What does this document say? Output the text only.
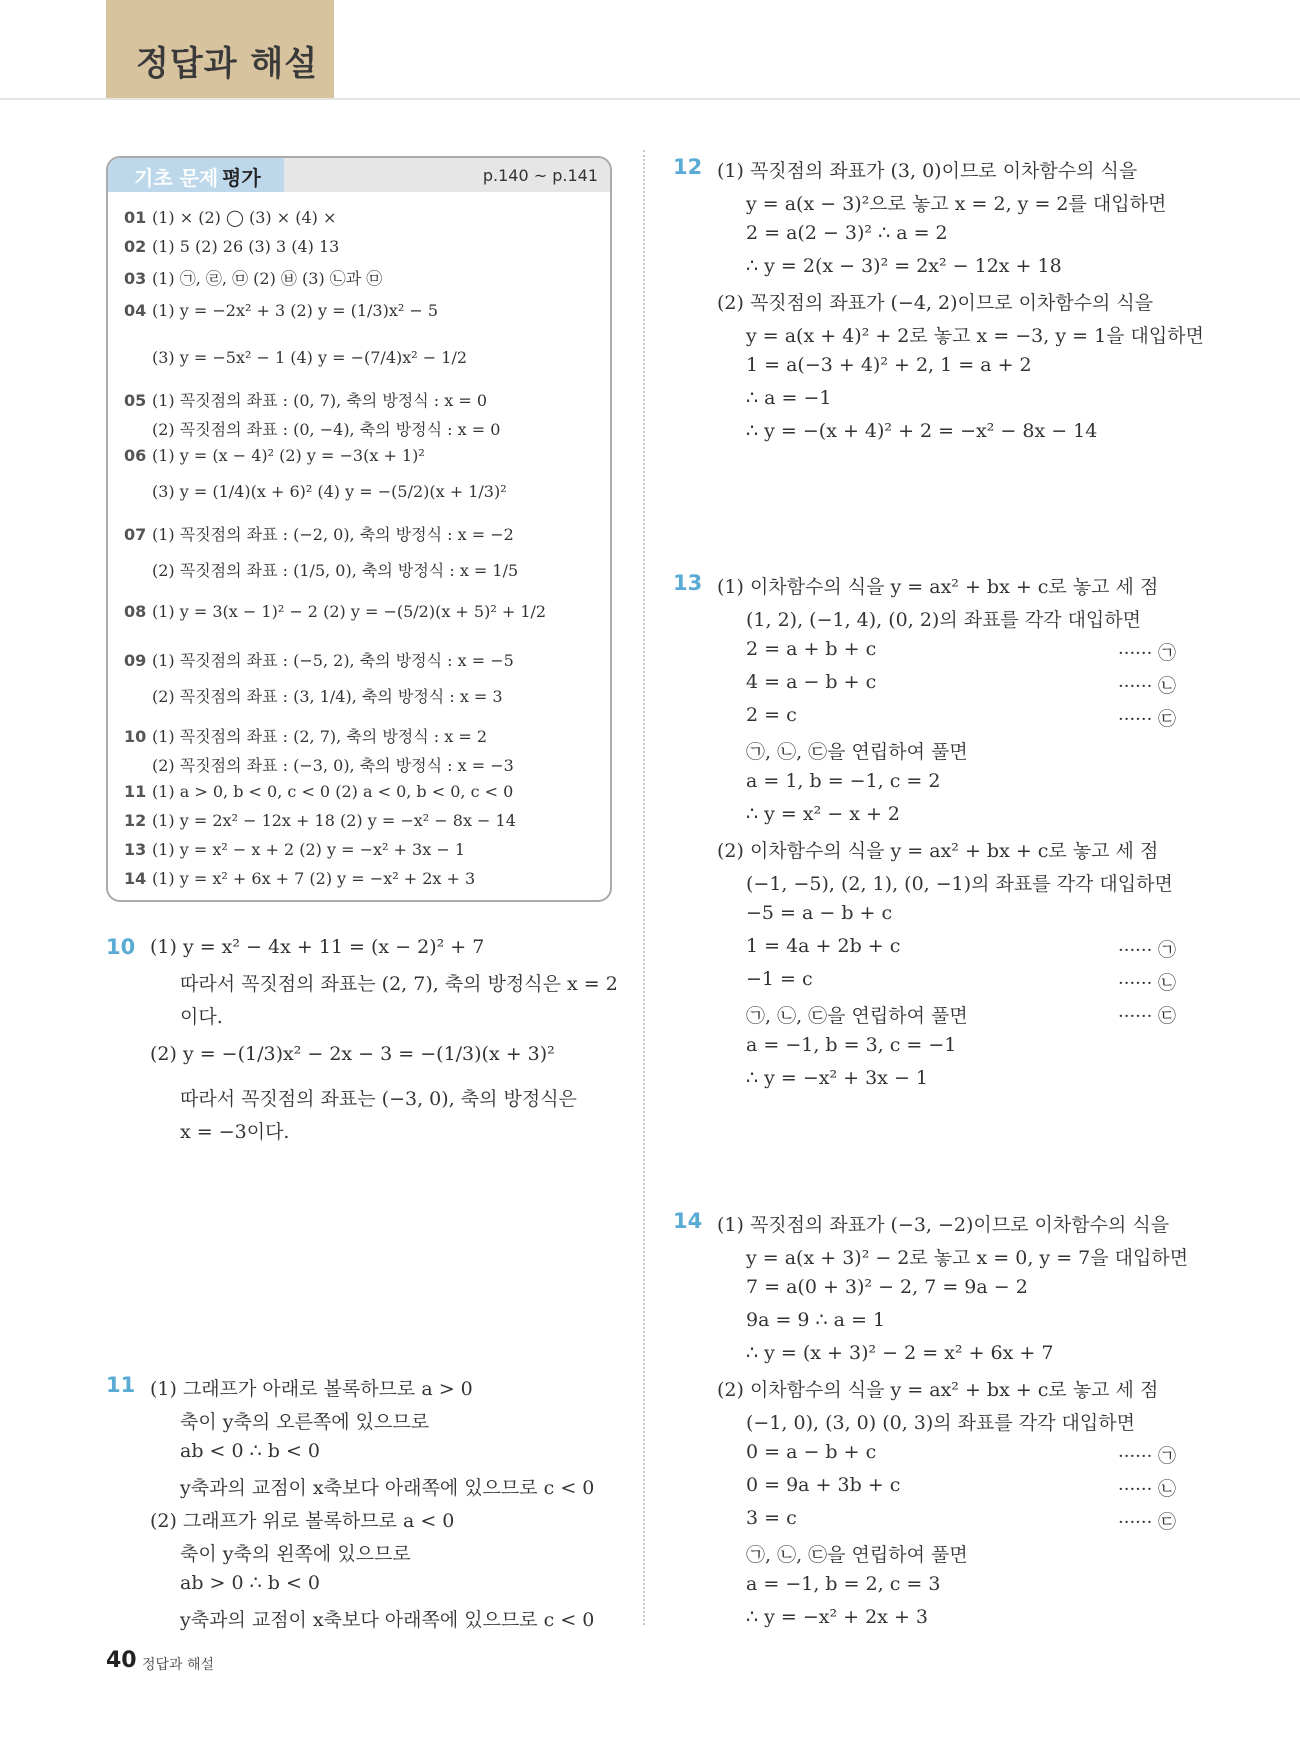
정답과 해설
기초 문제 평가	p.140 ~ p.141
01 (1) × (2) ◯ (3) × (4) ×
02 (1) 5 (2) 26 (3) 3 (4) 13
03 (1) ㉠, ㉣, ㉤ (2) ㉥ (3) ㉡과 ㉤
04 (1) y = −2x² + 3 (2) y = (1/3)x² − 5
(3) y = −5x² − 1 (4) y = −(7/4)x² − 1/2
05 (1) 꼭짓점의 좌표 : (0, 7), 축의 방정식 : x = 0
(2) 꼭짓점의 좌표 : (0, −4), 축의 방정식 : x = 0
06 (1) y = (x − 4)² (2) y = −3(x + 1)²
(3) y = (1/4)(x + 6)² (4) y = −(5/2)(x + 1/3)²
07 (1) 꼭짓점의 좌표 : (−2, 0), 축의 방정식 : x = −2
(2) 꼭짓점의 좌표 : (1/5, 0), 축의 방정식 : x = 1/5
08 (1) y = 3(x − 1)² − 2 (2) y = −(5/2)(x + 5)² + 1/2
09 (1) 꼭짓점의 좌표 : (−5, 2), 축의 방정식 : x = −5
(2) 꼭짓점의 좌표 : (3, 1/4), 축의 방정식 : x = 3
10 (1) 꼭짓점의 좌표 : (2, 7), 축의 방정식 : x = 2
(2) 꼭짓점의 좌표 : (−3, 0), 축의 방정식 : x = −3
11 (1) a > 0, b < 0, c < 0 (2) a < 0, b < 0, c < 0
12 (1) y = 2x² − 12x + 18 (2) y = −x² − 8x − 14
13 (1) y = x² − x + 2 (2) y = −x² + 3x − 1
14 (1) y = x² + 6x + 7 (2) y = −x² + 2x + 3
10 (1) y = x² − 4x + 11 = (x − 2)² + 7
따라서 꼭짓점의 좌표는 (2, 7), 축의 방정식은 x = 2
이다.
(2) y = −(1/3)x² − 2x − 3 = −(1/3)(x + 3)²
따라서 꼭짓점의 좌표는 (−3, 0), 축의 방정식은
x = −3이다.
11 (1) 그래프가 아래로 볼록하므로 a > 0
축이 y축의 오른쪽에 있으므로
ab < 0 ∴ b < 0
y축과의 교점이 x축보다 아래쪽에 있으므로 c < 0
(2) 그래프가 위로 볼록하므로 a < 0
축이 y축의 왼쪽에 있으므로
ab > 0 ∴ b < 0
y축과의 교점이 x축보다 아래쪽에 있으므로 c < 0
12 (1) 꼭짓점의 좌표가 (3, 0)이므로 이차함수의 식을
y = a(x − 3)²으로 놓고 x = 2, y = 2를 대입하면
2 = a(2 − 3)² ∴ a = 2
∴ y = 2(x − 3)² = 2x² − 12x + 18
(2) 꼭짓점의 좌표가 (−4, 2)이므로 이차함수의 식을
y = a(x + 4)² + 2로 놓고 x = −3, y = 1을 대입하면
1 = a(−3 + 4)² + 2, 1 = a + 2
∴ a = −1
∴ y = −(x + 4)² + 2 = −x² − 8x − 14
13 (1) 이차함수의 식을 y = ax² + bx + c로 놓고 세 점
(1, 2), (−1, 4), (0, 2)의 좌표를 각각 대입하면
2 = a + b + c
4 = a − b + c
2 = c
㉠, ㉡, ㉢을 연립하여 풀면
a = 1, b = −1, c = 2
∴ y = x² − x + 2
(2) 이차함수의 식을 y = ax² + bx + c로 놓고 세 점
(−1, −5), (2, 1), (0, −1)의 좌표를 각각 대입하면
−5 = a − b + c
1 = 4a + 2b + c
−1 = c
㉠, ㉡, ㉢을 연립하여 풀면
a = −1, b = 3, c = −1
∴ y = −x² + 3x − 1
······ ㉠
······ ㉡
······ ㉢
······ ㉠
······ ㉡
······ ㉢
14 (1) 꼭짓점의 좌표가 (−3, −2)이므로 이차함수의 식을
y = a(x + 3)² − 2로 놓고 x = 0, y = 7을 대입하면
7 = a(0 + 3)² − 2, 7 = 9a − 2
9a = 9 ∴ a = 1
∴ y = (x + 3)² − 2 = x² + 6x + 7
(2) 이차함수의 식을 y = ax² + bx + c로 놓고 세 점
(−1, 0), (3, 0) (0, 3)의 좌표를 각각 대입하면
0 = a − b + c
0 = 9a + 3b + c
3 = c
㉠, ㉡, ㉢을 연립하여 풀면
a = −1, b = 2, c = 3
∴ y = −x² + 2x + 3
······ ㉠
······ ㉡
······ ㉢
40 정답과 해설
